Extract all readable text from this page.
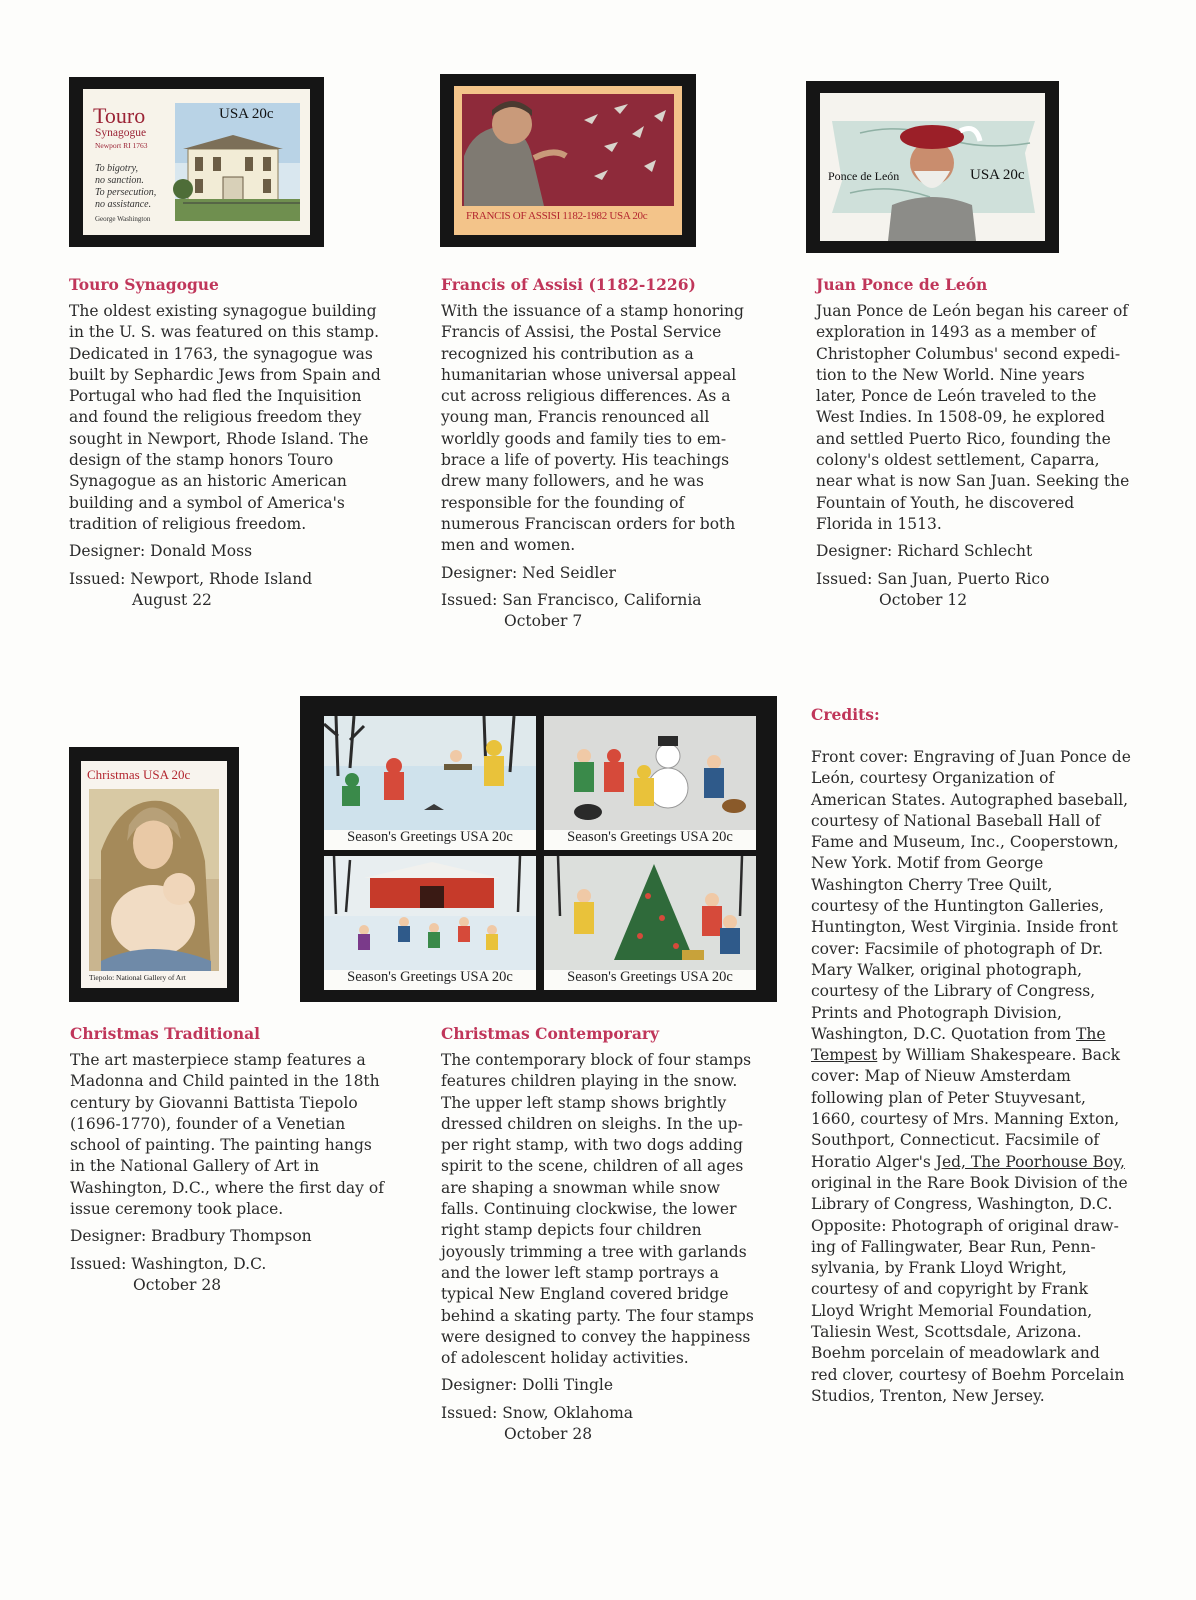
Touro
Synagogue
Newport RI 1763
USA 20c
To bigotry,
no sanction.
To persecution,
no assistance.
George Washington	FRANCIS OF ASSISI 1182-1982 USA 20c
Ponce de León	USA 20c
Touro Synagogue

The oldest existing synagogue building
in the U. S. was featured on this stamp.
Dedicated in 1763, the synagogue was
built by Sephardic Jews from Spain and
Portugal who had fled the Inquisition
and found the religious freedom they
sought in Newport, Rhode Island. The
design of the stamp honors Touro
Synagogue as an historic American
building and a symbol of America's
tradition of religious freedom.

Designer: Donald Moss

Issued: Newport, Rhode Island

August 22

Francis of Assisi (1182-1226)

With the issuance of a stamp honoring
Francis of Assisi, the Postal Service
recognized his contribution as a
humanitarian whose universal appeal
cut across religious differences. As a
young man, Francis renounced all
worldly goods and family ties to em-
brace a life of poverty. His teachings
drew many followers, and he was
responsible for the founding of
numerous Franciscan orders for both
men and women.

Designer: Ned Seidler

Issued: San Francisco, California

October 7

Juan Ponce de León

Juan Ponce de León began his career of
exploration in 1493 as a member of
Christopher Columbus' second expedi-
tion to the New World. Nine years
later, Ponce de León traveled to the
West Indies. In 1508-09, he explored
and settled Puerto Rico, founding the
colony's oldest settlement, Caparra,
near what is now San Juan. Seeking the
Fountain of Youth, he discovered
Florida in 1513.

Designer: Richard Schlecht

Issued: San Juan, Puerto Rico

October 12

Christmas USA 20c
Tiepolo: National Gallery of Art
Season's Greetings USA 20c	Season's Greetings USA 20c
Season's Greetings USA 20c	Season's Greetings USA 20c
Credits:

Front cover: Engraving of Juan Ponce de
León, courtesy Organization of
American States. Autographed baseball,
courtesy of National Baseball Hall of
Fame and Museum, Inc., Cooperstown,
New York. Motif from George
Washington Cherry Tree Quilt,
courtesy of the Huntington Galleries,
Huntington, West Virginia. Inside front
cover: Facsimile of photograph of Dr.
Mary Walker, original photograph,
courtesy of the Library of Congress,
Prints and Photograph Division,
Washington, D.C. Quotation from The
Tempest by William Shakespeare. Back
cover: Map of Nieuw Amsterdam
following plan of Peter Stuyvesant,
1660, courtesy of Mrs. Manning Exton,
Southport, Connecticut. Facsimile of
Horatio Alger's Jed, The Poorhouse Boy,
original in the Rare Book Division of the
Library of Congress, Washington, D.C.
Opposite: Photograph of original draw-
ing of Fallingwater, Bear Run, Penn-
sylvania, by Frank Lloyd Wright,
courtesy of and copyright by Frank
Lloyd Wright Memorial Foundation,
Taliesin West, Scottsdale, Arizona.
Boehm porcelain of meadowlark and
red clover, courtesy of Boehm Porcelain
Studios, Trenton, New Jersey.

Christmas Traditional

The art masterpiece stamp features a
Madonna and Child painted in the 18th
century by Giovanni Battista Tiepolo
(1696-1770), founder of a Venetian
school of painting. The painting hangs
in the National Gallery of Art in
Washington, D.C., where the first day of
issue ceremony took place.

Designer: Bradbury Thompson

Issued: Washington, D.C.

October 28

Christmas Contemporary

The contemporary block of four stamps
features children playing in the snow.
The upper left stamp shows brightly
dressed children on sleighs. In the up-
per right stamp, with two dogs adding
spirit to the scene, children of all ages
are shaping a snowman while snow
falls. Continuing clockwise, the lower
right stamp depicts four children
joyously trimming a tree with garlands
and the lower left stamp portrays a
typical New England covered bridge
behind a skating party. The four stamps
were designed to convey the happiness
of adolescent holiday activities.

Designer: Dolli Tingle

Issued: Snow, Oklahoma

October 28
